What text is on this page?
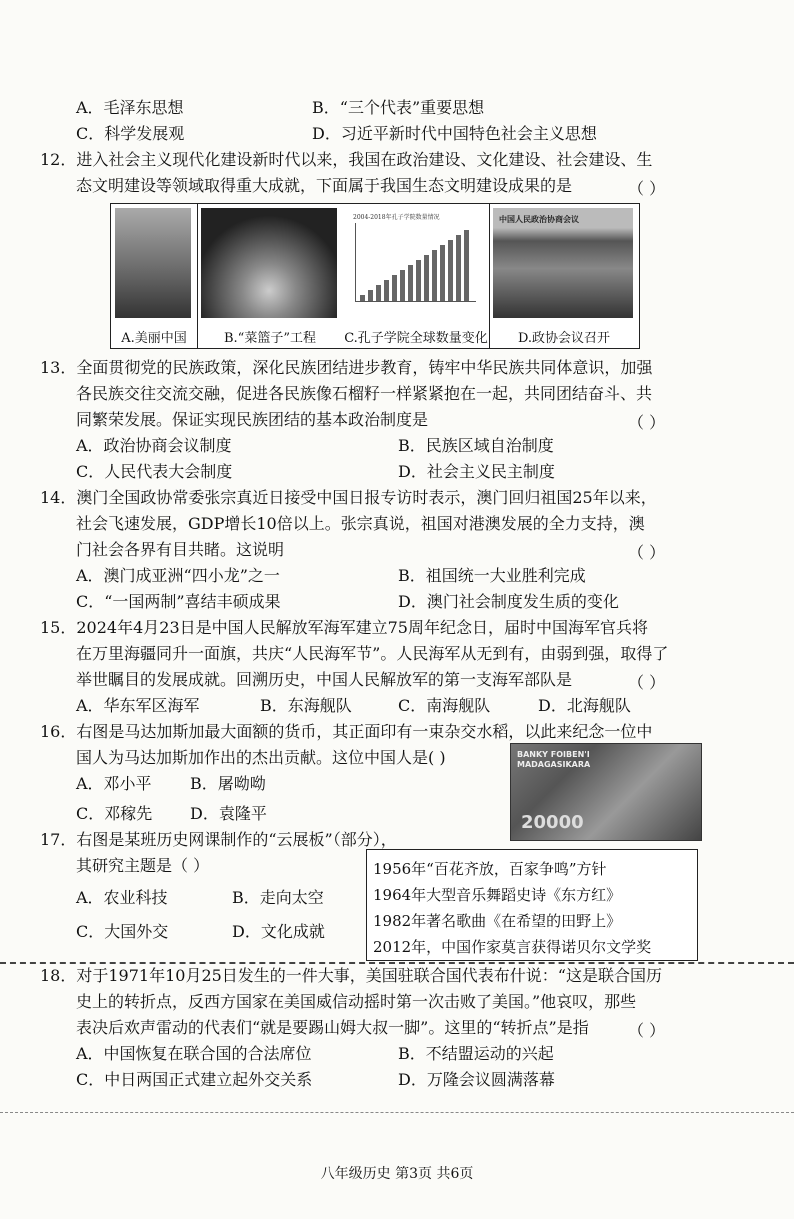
A．毛泽东思想	B．“三个代表”重要思想
C．科学发展观	D．习近平新时代中国特色社会主义思想
12．进入社会主义现代化建设新时代以来，我国在政治建设、文化建设、社会建设、生
态文明建设等领域取得重大成就，下面属于我国生态文明建设成果的是	（ ）
A.美丽中国	B.“菜篮子”工程
2004-2018年孔子学院数量情况
C.孔子学院全球数量变化
中国人民政治协商会议
D.政协会议召开
13．全面贯彻党的民族政策，深化民族团结进步教育，铸牢中华民族共同体意识，加强
各民族交往交流交融，促进各民族像石榴籽一样紧紧抱在一起，共同团结奋斗、共
同繁荣发展。保证实现民族团结的基本政治制度是	（ ）
A．政治协商会议制度	B．民族区域自治制度
C．人民代表大会制度	D．社会主义民主制度
14．澳门全国政协常委张宗真近日接受中国日报专访时表示，澳门回归祖国25年以来，
社会飞速发展，GDP增长10倍以上。张宗真说，祖国对港澳发展的全力支持，澳
门社会各界有目共睹。这说明	（ ）
A．澳门成亚洲“四小龙”之一	B．祖国统一大业胜利完成
C．“一国两制”喜结丰硕成果	D．澳门社会制度发生质的变化
15．2024年4月23日是中国人民解放军海军建立75周年纪念日，届时中国海军官兵将
在万里海疆同升一面旗，共庆“人民海军节”。人民海军从无到有，由弱到强，取得了
举世瞩目的发展成就。回溯历史，中国人民解放军的第一支海军部队是	（ ）
A．华东军区海军	B．东海舰队	C．南海舰队	D．北海舰队
16．右图是马达加斯加最大面额的货币，其正面印有一束杂交水稻，以此来纪念一位中
国人为马达加斯加作出的杰出贡献。这位中国人是( )
A．邓小平 B．屠呦呦
C．邓稼先 D．袁隆平
BANKY FOIBEN'I MADAGASIKARA
20000
17．右图是某班历史网课制作的“云展板”（部分），
其研究主题是（ ）
A．农业科技	B．走向太空
C．大国外交	D．文化成就
1956年“百花齐放，百家争鸣”方针
1964年大型音乐舞蹈史诗《东方红》
1982年著名歌曲《在希望的田野上》
2012年，中国作家莫言获得诺贝尔文学奖
18．对于1971年10月25日发生的一件大事，美国驻联合国代表布什说：“这是联合国历
史上的转折点，反西方国家在美国威信动摇时第一次击败了美国。”他哀叹，那些
表决后欢声雷动的代表们“就是要踢山姆大叔一脚”。这里的“转折点”是指 （ ）
A．中国恢复在联合国的合法席位	B．不结盟运动的兴起
C．中日两国正式建立起外交关系	D．万隆会议圆满落幕
八年级历史 第3页 共6页
